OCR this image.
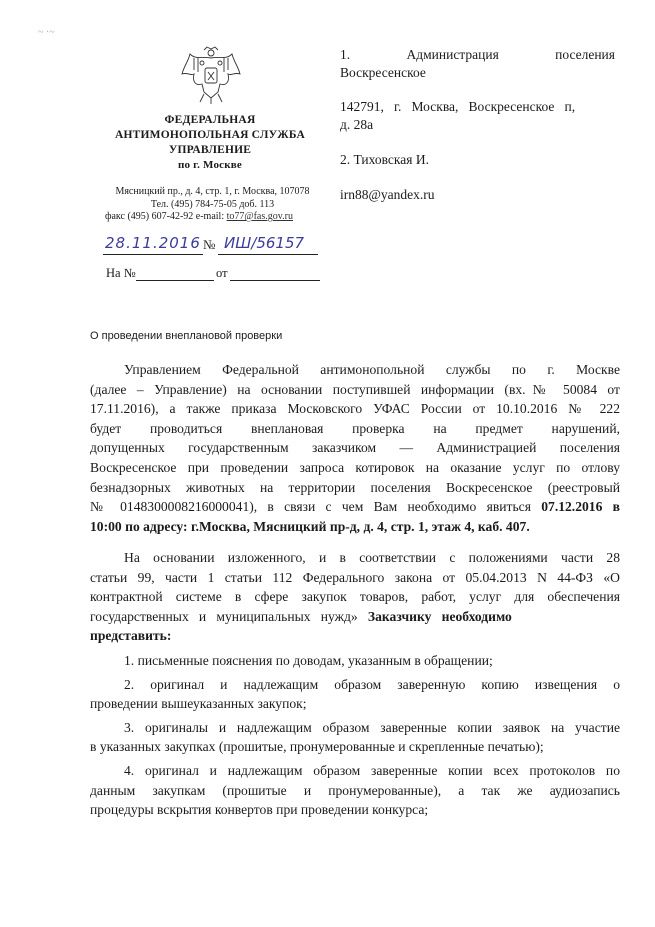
~ ·~
ФЕДЕРАЛЬНАЯ
АНТИМОНОПОЛЬНАЯ СЛУЖБА
УПРАВЛЕНИЕ
по г. Москве
Мясницкий пр., д. 4, стр. 1, г. Москва, 107078
Тел. (495) 784-75-05 доб. 113
факс (495) 607-42-92 e-mail: to77@fas.gov.ru
28.11.2016 № ИШ/56157
На №	от
1.	Администрация	поселения
Воскресенское
142791,   г.   Москва,   Воскресенское   п,
д. 28а
2. Тиховская И.
irn88@yandex.ru
О проведении внеплановой проверки
Управлением Федеральной антимонопольной службы по г. Москве
(далее – Управление) на основании поступившей информации (вх.№ 50084 от
17.11.2016), а также приказа Московского УФАС России от 10.10.2016 № 222
будет   проводиться   внеплановая   проверка   на   предмет   нарушений,
допущенных государственным заказчиком — Администрацией поселения
Воскресенское при проведении запроса котировок на оказание услуг по отлову
безнадзорных животных на территории поселения Воскресенское (реестровый
№ 0148300008216000041), в связи с чем Вам необходимо явиться 07.12.2016 в
10:00 по адресу: г.Москва, Мясницкий пр-д, д. 4, стр. 1, этаж 4, каб. 407.
На основании изложенного, и в соответствии с положениями части 28
статьи 99, части 1 статьи 112 Федерального закона от 05.04.2013 N 44-ФЗ «О
контрактной системе в сфере закупок товаров, работ, услуг для обеспечения
государственных   и   муниципальных   нужд»   Заказчику   необходимо
представить:
1. письменные пояснения по доводам, указанным в обращении;
2. оригинал и надлежащим образом заверенную копию извещения о
проведении вышеуказанных закупок;
3. оригиналы и надлежащим образом заверенные копии заявок на участие
в указанных закупках (прошитые, пронумерованные и скрепленные печатью);
4. оригинал и надлежащим образом заверенные копии всех протоколов по
данным закупкам (прошитые и пронумерованные), а так же аудиозапись
процедуры вскрытия конвертов при проведении конкурса;
